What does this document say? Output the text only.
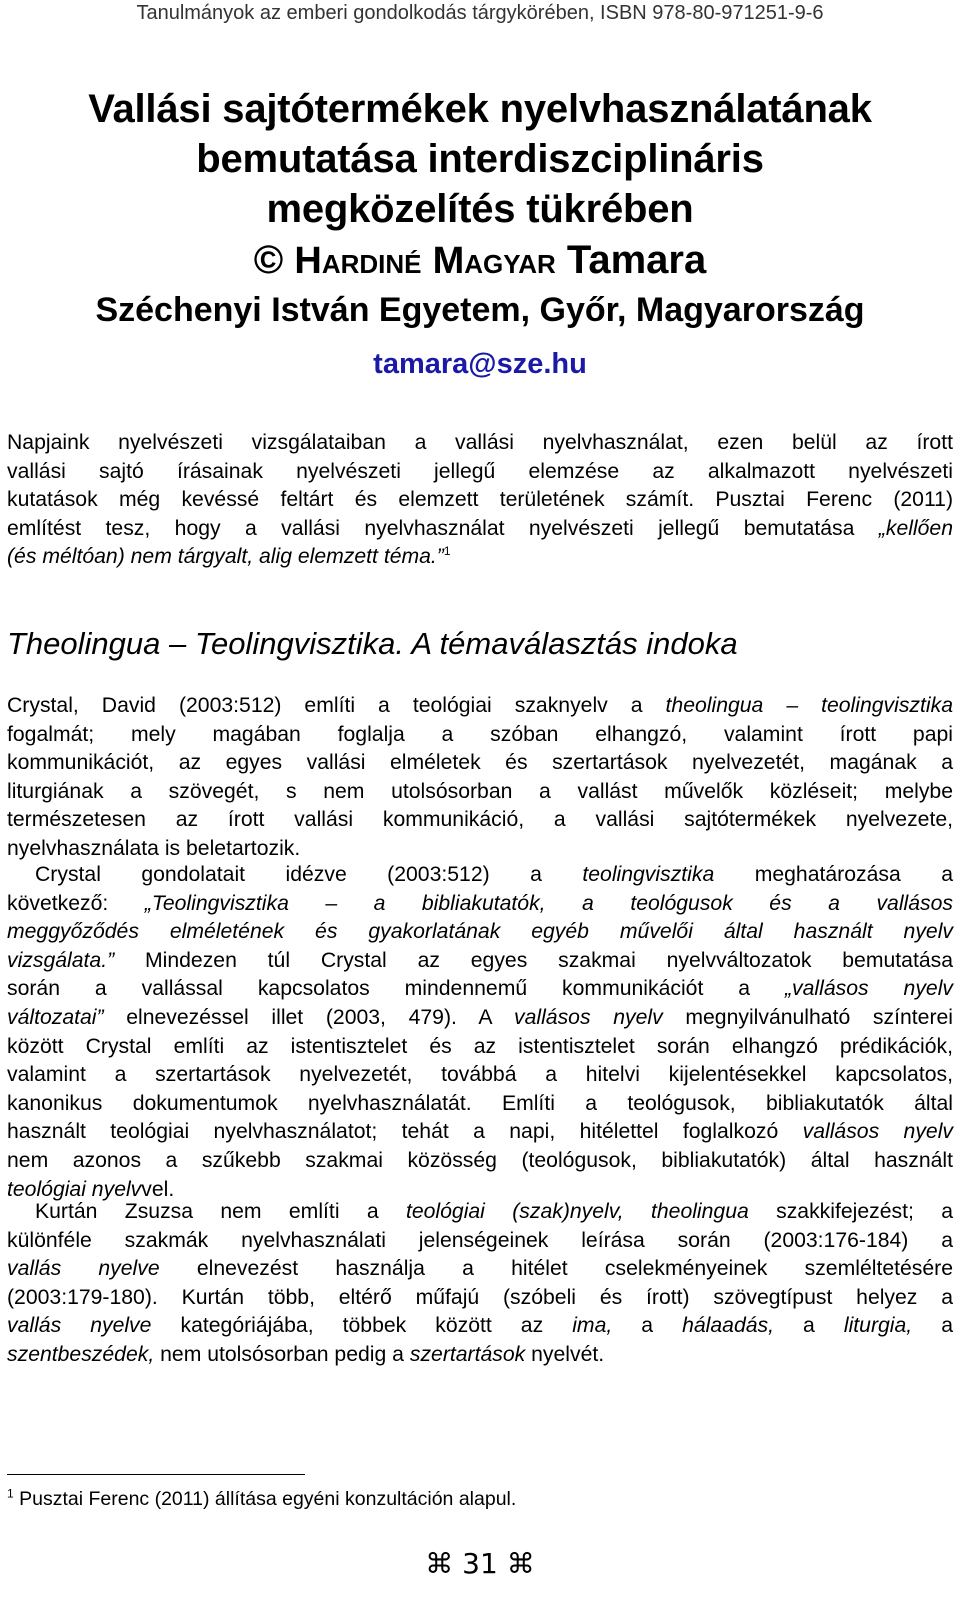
Tanulmányok az emberi gondolkodás tárgykörében, ISBN 978-80-971251-9-6
Vallási sajtótermékek nyelvhasználatának
bemutatása interdiszciplináris
megközelítés tükrében
© HARDINÉ MAGYAR Tamara
Széchenyi István Egyetem, Győr, Magyarország
tamara@sze.hu
Napjaink nyelvészeti vizsgálataiban a vallási nyelvhasználat, ezen belül az írott
vallási sajtó írásainak nyelvészeti jellegű elemzése az alkalmazott nyelvészeti
kutatások még kevéssé feltárt és elemzett területének számít. Pusztai Ferenc (2011)
említést tesz, hogy a vallási nyelvhasználat nyelvészeti jellegű bemutatása „kellően
(és méltóan) nem tárgyalt, alig elemzett téma.”$^1$
Theolingua – Teolingvisztika. A témaválasztás indoka
Crystal, David (2003:512) említi a teológiai szaknyelv a theolingua – teolingvisztika
fogalmát; mely magában foglalja a szóban elhangzó, valamint írott papi
kommunikációt, az egyes vallási elméletek és szertartások nyelvezetét, magának a
liturgiának a szövegét, s nem utolsósorban a vallást művelők közléseit; melybe
természetesen az írott vallási kommunikáció, a vallási sajtótermékek nyelvezete,
nyelvhasználata is beletartozik.
Crystal gondolatait idézve (2003:512) a teolingvisztika meghatározása a
következő: „Teolingvisztika – a bibliakutatók, a teológusok és a vallásos
meggyőződés elméletének és gyakorlatának egyéb művelői által használt nyelv
vizsgálata.” Mindezen túl Crystal az egyes szakmai nyelvváltozatok bemutatása
során a vallással kapcsolatos mindennemű kommunikációt a „vallásos nyelv
változatai” elnevezéssel illet (2003, 479). A vallásos nyelv megnyilvánulható színterei
között Crystal említi az istentisztelet és az istentisztelet során elhangzó prédikációk,
valamint a szertartások nyelvezetét, továbbá a hitelvi kijelentésekkel kapcsolatos,
kanonikus dokumentumok nyelvhasználatát. Említi a teológusok, bibliakutatók által
használt teológiai nyelvhasználatot; tehát a napi, hitélettel foglalkozó vallásos nyelv
nem azonos a szűkebb szakmai közösség (teológusok, bibliakutatók) által használt
teológiai nyelvvel.
Kurtán Zsuzsa nem említi a teológiai (szak)nyelv, theolingua szakkifejezést; a
különféle szakmák nyelvhasználati jelenségeinek leírása során (2003:176-184) a
vallás nyelve elnevezést használja a hitélet cselekményeinek szemléltetésére
(2003:179-180). Kurtán több, eltérő műfajú (szóbeli és írott) szövegtípust helyez a
vallás nyelve kategóriájába, többek között az ima, a hálaadás, a liturgia, a
szentbeszédek, nem utolsósorban pedig a szertartások nyelvét.
$^1$ Pusztai Ferenc (2011) állítása egyéni konzultáción alapul.
⌘ 31 ⌘
